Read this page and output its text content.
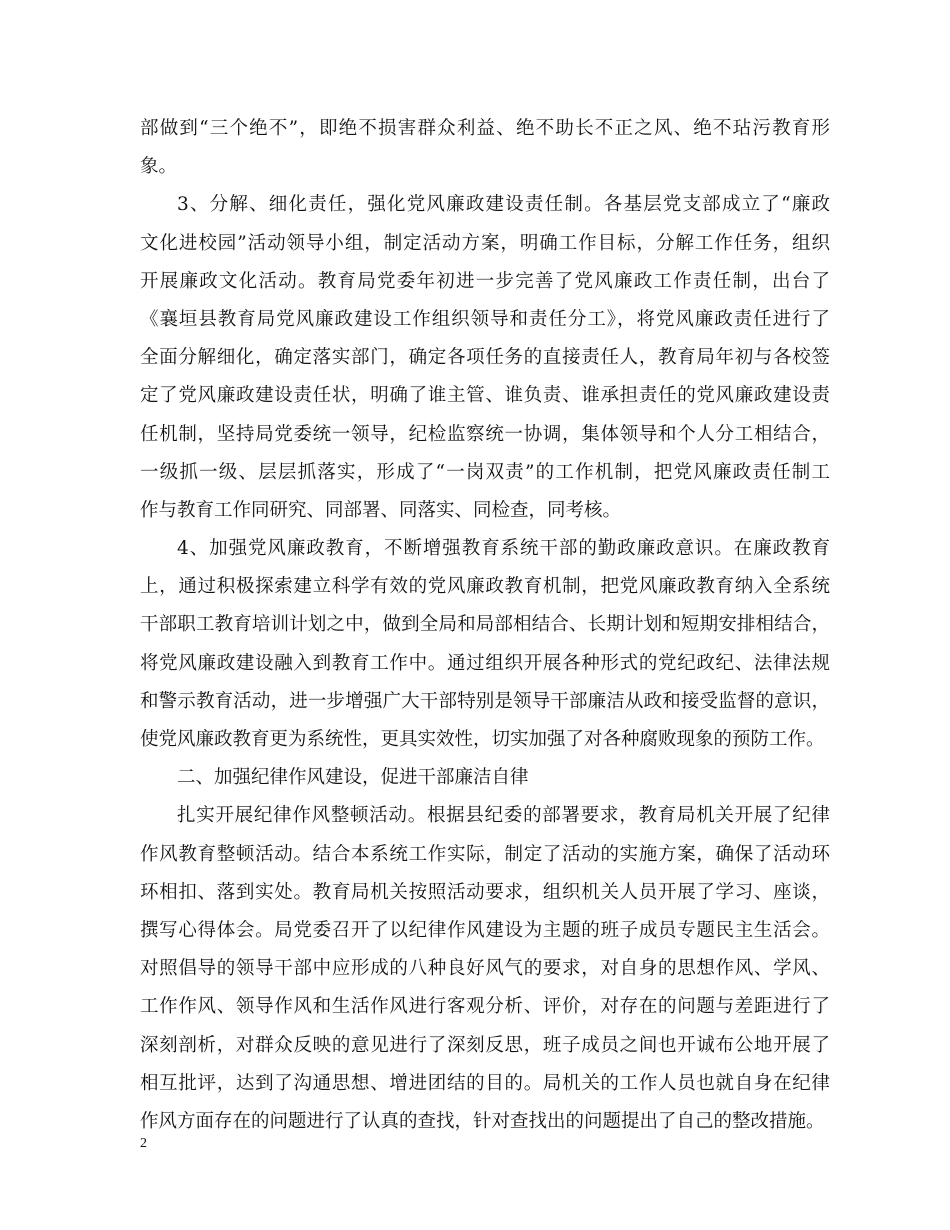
部做到“三个绝不”，即绝不损害群众利益、绝不助长不正之风、绝不玷污教育形
象。
3、分解、细化责任，强化党风廉政建设责任制。各基层党支部成立了“廉政
文化进校园”活动领导小组，制定活动方案，明确工作目标，分解工作任务，组织
开展廉政文化活动。教育局党委年初进一步完善了党风廉政工作责任制，出台了
《襄垣县教育局党风廉政建设工作组织领导和责任分工》，将党风廉政责任进行了
全面分解细化，确定落实部门，确定各项任务的直接责任人，教育局年初与各校签
定了党风廉政建设责任状，明确了谁主管、谁负责、谁承担责任的党风廉政建设责
任机制，坚持局党委统一领导，纪检监察统一协调，集体领导和个人分工相结合，
一级抓一级、层层抓落实，形成了“一岗双责”的工作机制，把党风廉政责任制工
作与教育工作同研究、同部署、同落实、同检查，同考核。
4、加强党风廉政教育，不断增强教育系统干部的勤政廉政意识。在廉政教育
上，通过积极探索建立科学有效的党风廉政教育机制，把党风廉政教育纳入全系统
干部职工教育培训计划之中，做到全局和局部相结合、长期计划和短期安排相结合，
将党风廉政建设融入到教育工作中。通过组织开展各种形式的党纪政纪、法律法规
和警示教育活动，进一步增强广大干部特别是领导干部廉洁从政和接受监督的意识，
使党风廉政教育更为系统性，更具实效性，切实加强了对各种腐败现象的预防工作。
二、加强纪律作风建设，促进干部廉洁自律
扎实开展纪律作风整顿活动。根据县纪委的部署要求，教育局机关开展了纪律
作风教育整顿活动。结合本系统工作实际，制定了活动的实施方案，确保了活动环
环相扣、落到实处。教育局机关按照活动要求，组织机关人员开展了学习、座谈，
撰写心得体会。局党委召开了以纪律作风建设为主题的班子成员专题民主生活会。
对照倡导的领导干部中应形成的八种良好风气的要求，对自身的思想作风、学风、
工作作风、领导作风和生活作风进行客观分析、评价，对存在的问题与差距进行了
深刻剖析，对群众反映的意见进行了深刻反思，班子成员之间也开诚布公地开展了
相互批评，达到了沟通思想、增进团结的目的。局机关的工作人员也就自身在纪律
作风方面存在的问题进行了认真的查找，针对查找出的问题提出了自己的整改措施。
2
